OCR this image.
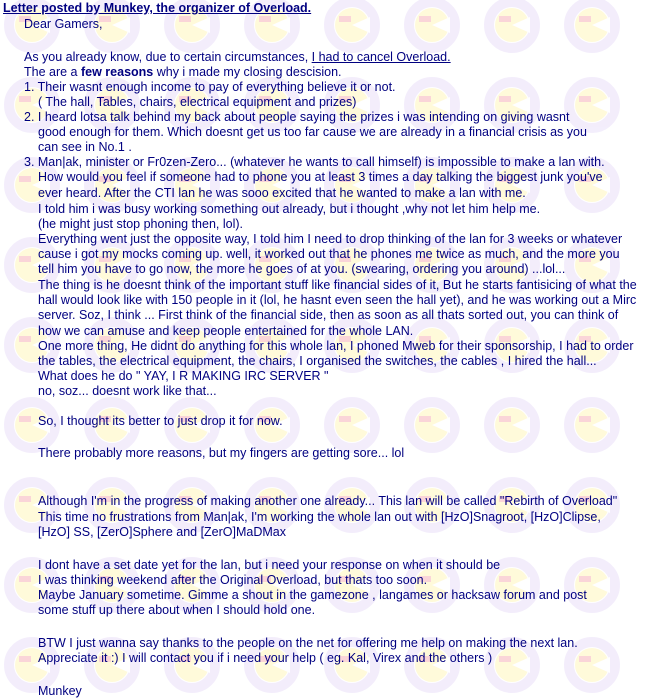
Letter posted by Munkey, the organizer of Overload.
Dear Gamers,
As you already know, due to certain circumstances, I had to cancel Overload.
The are a few reasons why i made my closing descision.
1. Their wasnt enough income to pay of everything believe it or not.
( The hall, Tables, chairs, electrical equipment and prizes)
2. I heard lotsa talk behind my back about people saying the prizes i was intending on giving wasnt
good enough for them. Which doesnt get us too far cause we are already in a financial crisis as you
can see in No.1 .
3. Man|ak, minister or Fr0zen-Zero... (whatever he wants to call himself) is impossible to make a lan with.
How would you feel if someone had to phone you at least 3 times a day talking the biggest junk you've
ever heard. After the CTI lan he was sooo excited that he wanted to make a lan with me.
I told him i was busy working something out already, but i thought ,why not let him help me.
(he might just stop phoning then, lol).
Everything went just the opposite way, I told him I need to drop thinking of the lan for 3 weeks or whatever
cause i got my mocks coming up. well, it worked out that he phones me twice as much, and the more you
tell him you have to go now, the more he goes of at you. (swearing, ordering you around) ...lol...
The thing is he doesnt think of the important stuff like financial sides of it, But he starts fantisicing of what the
hall would look like with 150 people in it (lol, he hasnt even seen the hall yet), and he was working out a Mirc
server. Soz, I think ... First think of the financial side, then as soon as all thats sorted out, you can think of
how we can amuse and keep people entertained for the whole LAN.
One more thing, He didnt do anything for this whole lan, I phoned Mweb for their sponsorship, I had to order
the tables, the electrical equipment, the chairs, I organised the switches, the cables , I hired the hall...
What does he do " YAY, I R MAKING IRC SERVER "
no, soz... doesnt work like that...
So, I thought its better to just drop it for now.
There probably more reasons, but my fingers are getting sore... lol
Although I'm in the progress of making another one already... This lan will be called "Rebirth of Overload"
This time no frustrations from Man|ak, I'm working the whole lan out with [HzO]Snagroot, [HzO]Clipse,
[HzO] SS, [ZerO]Sphere and [ZerO]MaDMax
I dont have a set date yet for the lan, but i need your response on when it should be
I was thinking weekend after the Original Overload, but thats too soon.
Maybe January sometime. Gimme a shout in the gamezone , langames or hacksaw forum and post
some stuff up there about when I should hold one.
BTW I just wanna say thanks to the people on the net for offering me help on making the next lan.
Appreciate it :) I will contact you if i need your help ( eg. Kal, Virex and the others )
Munkey
